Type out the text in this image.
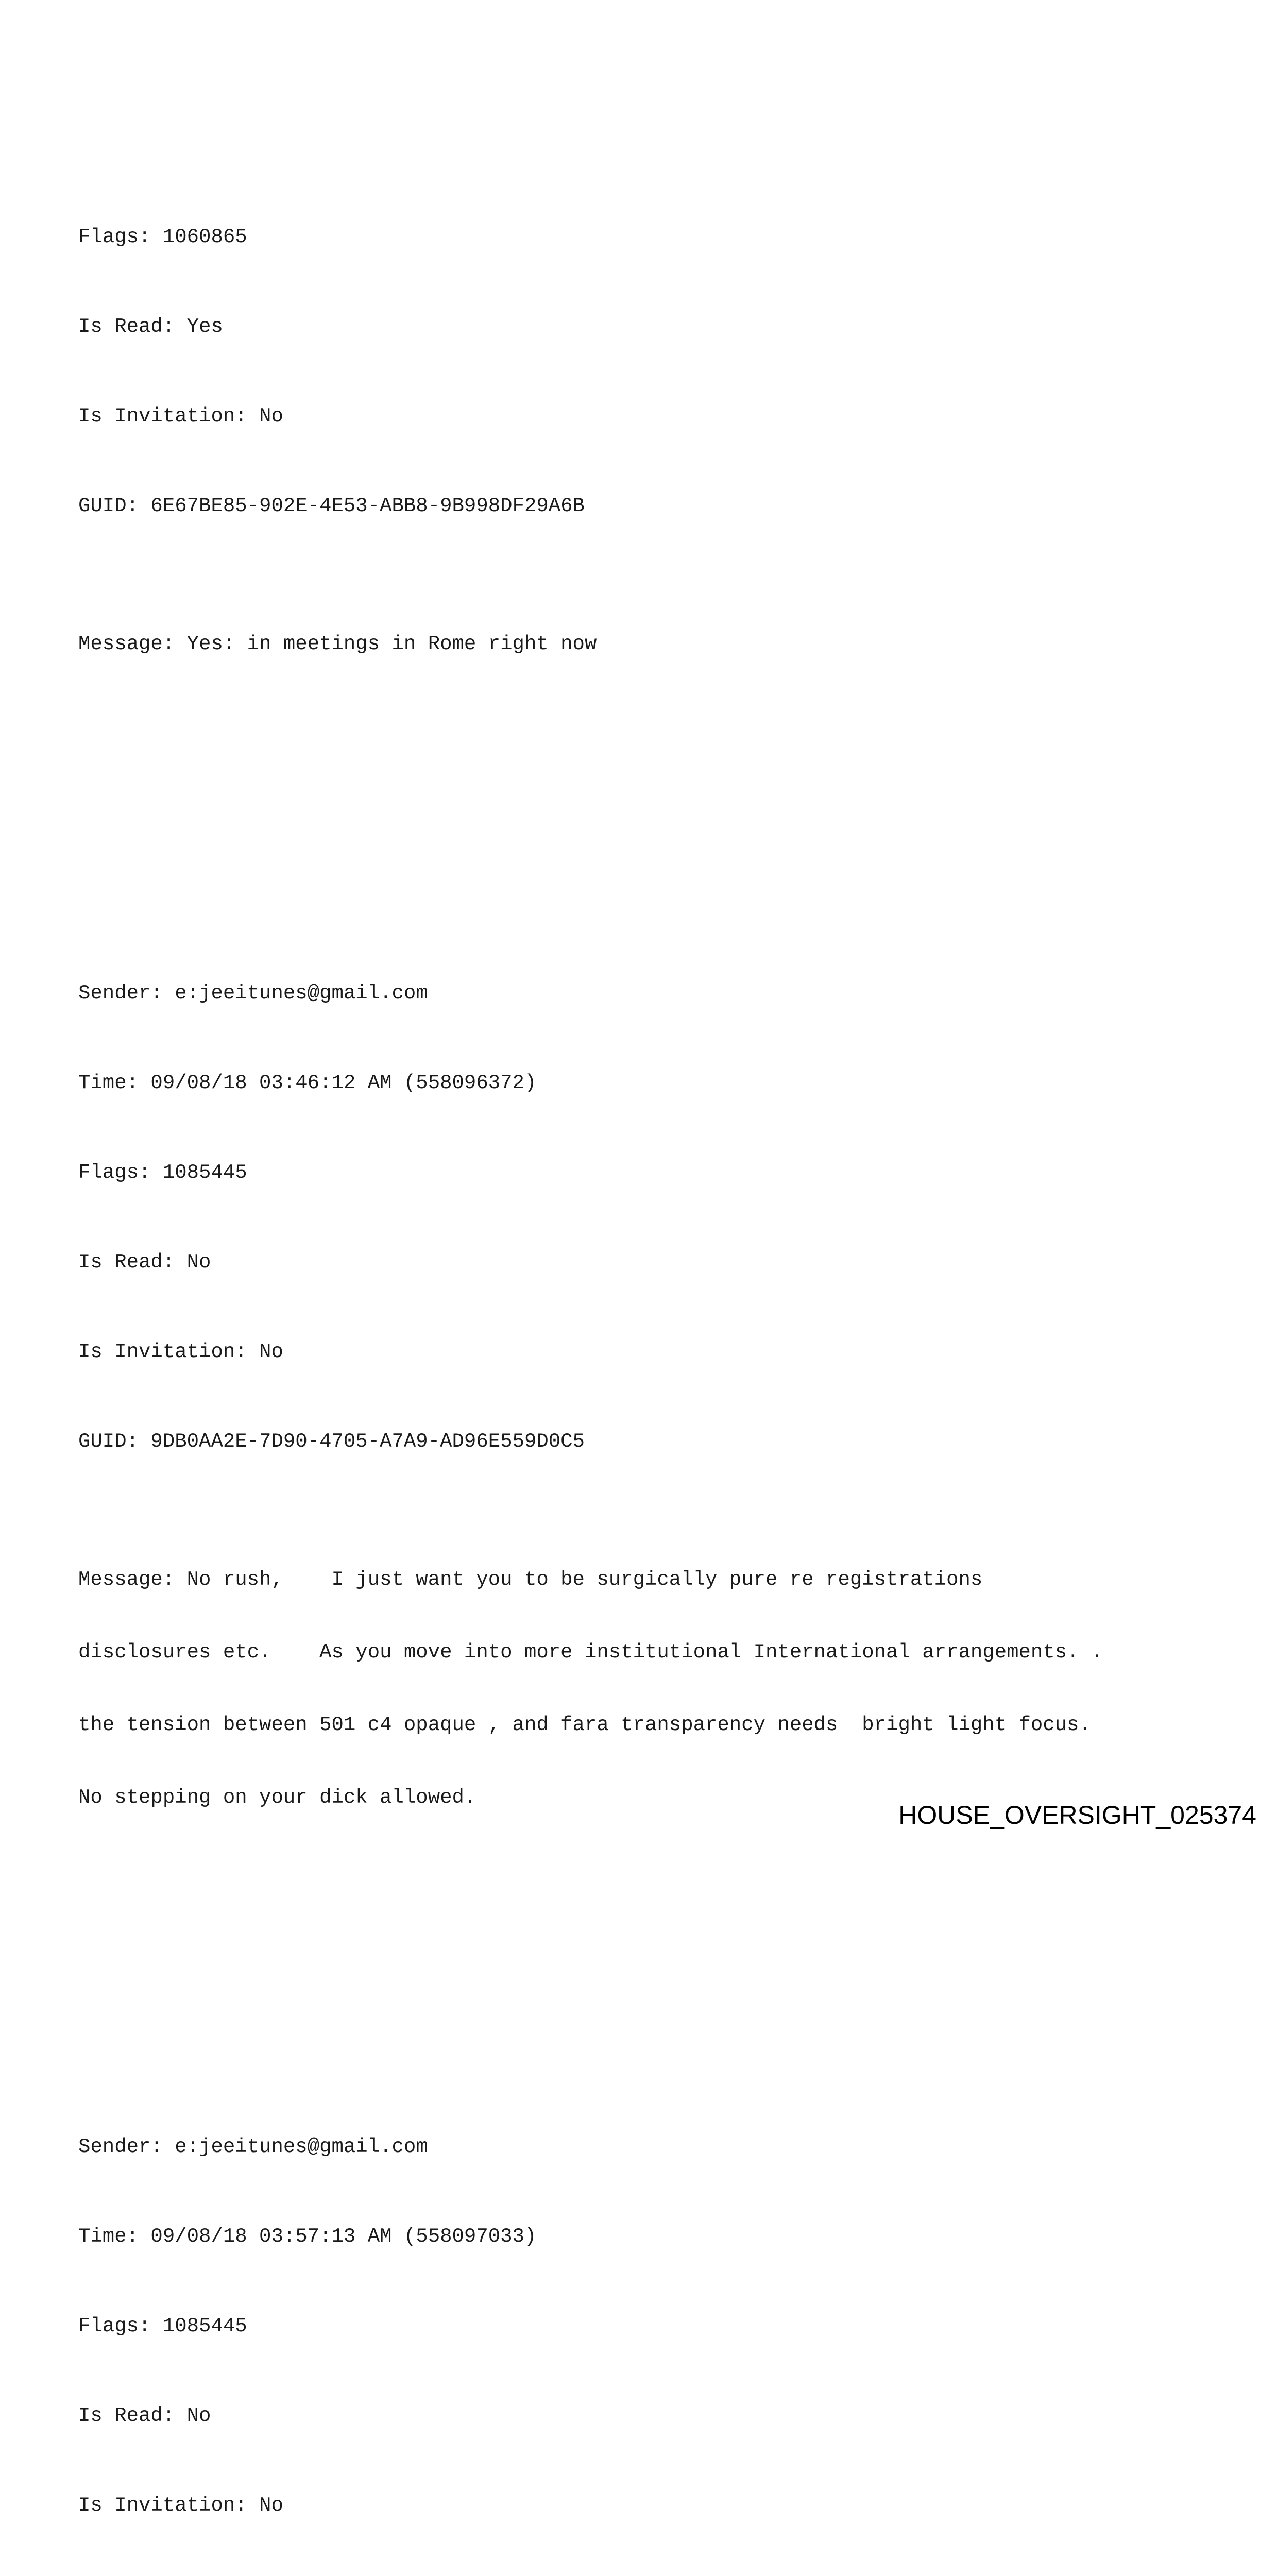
Flags: 1060865

Is Read: Yes

Is Invitation: No

GUID: 6E67BE85-902E-4E53-ABB8-9B998DF29A6B

Message: Yes: in meetings in Rome right now

Sender: e:jeeitunes@gmail.com

Time: 09/08/18 03:46:12 AM (558096372)

Flags: 1085445

Is Read: No

Is Invitation: No

GUID: 9DB0AA2E-7D90-4705-A7A9-AD96E559D0C5

Message: No rush,    I just want you to be surgically pure re registrations

disclosures etc.    As you move into more institutional International arrangements. .

the tension between 501 c4 opaque , and fara transparency needs  bright light focus.

No stepping on your dick allowed.

Sender: e:jeeitunes@gmail.com

Time: 09/08/18 03:57:13 AM (558097033)

Flags: 1085445

Is Read: No

Is Invitation: No

HOUSE_OVERSIGHT_025374
